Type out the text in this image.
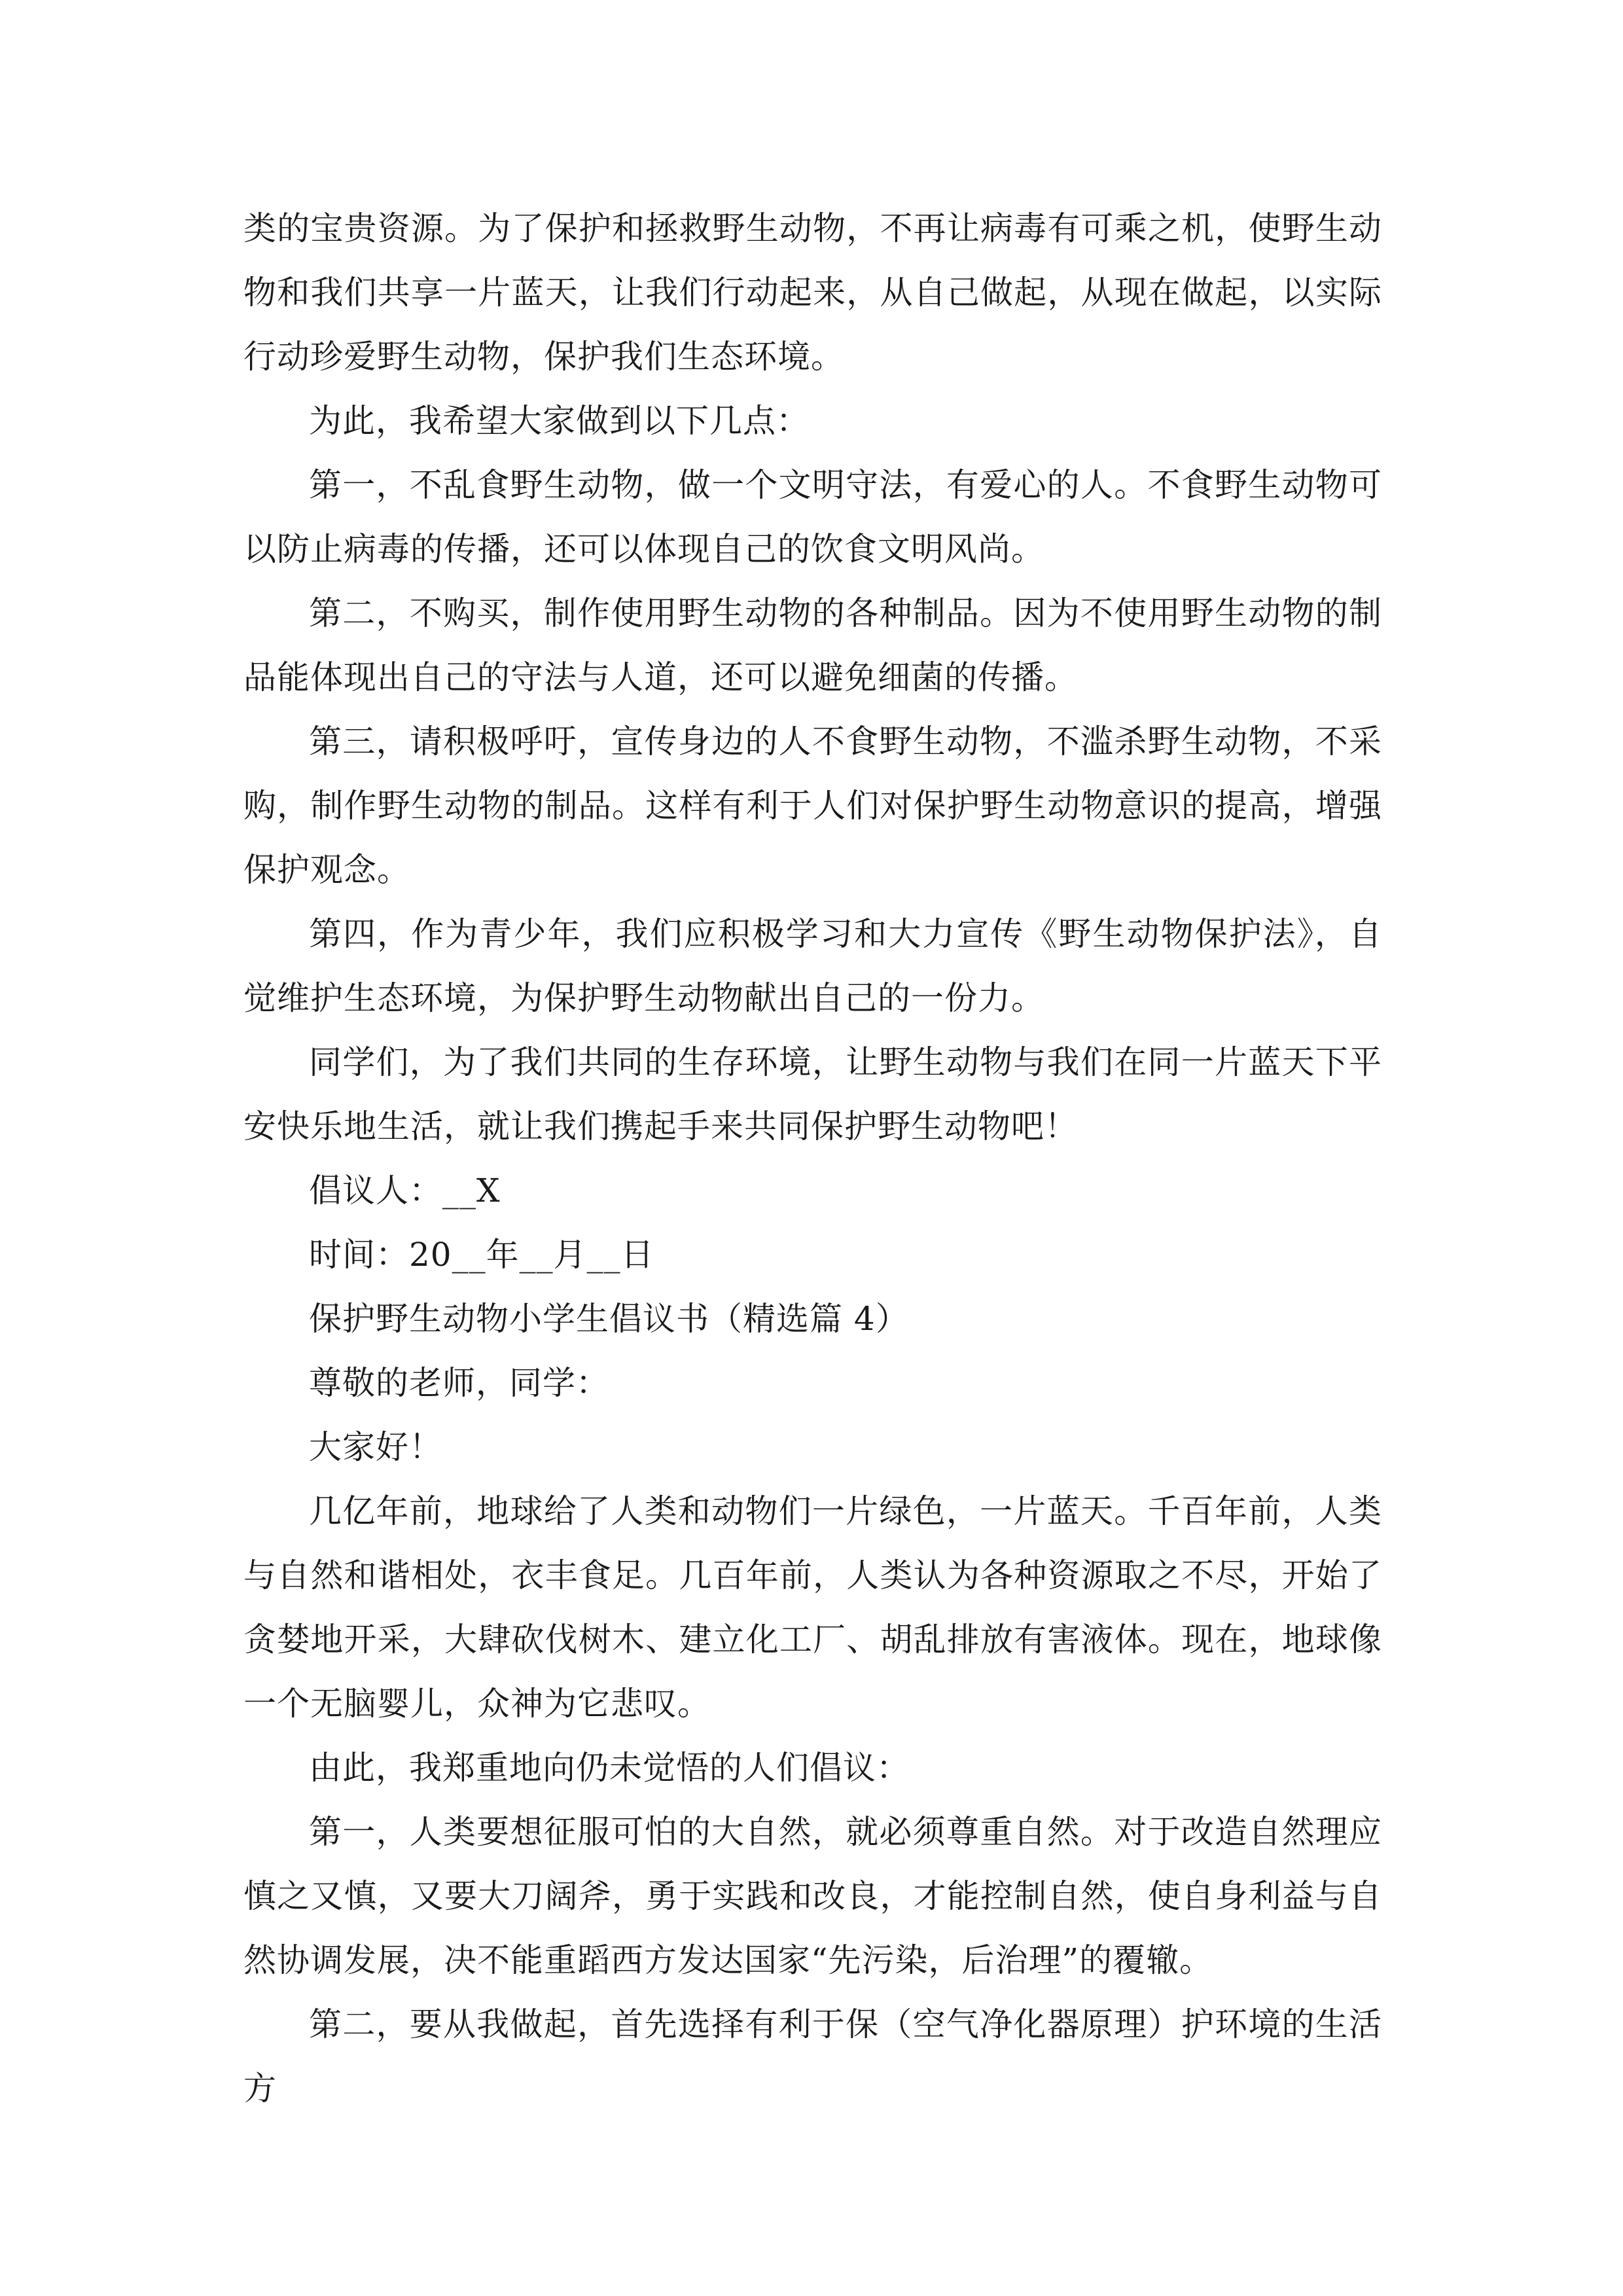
类的宝贵资源。为了保护和拯救野生动物，不再让病毒有可乘之机，使野生动物和我们共享一片蓝天，让我们行动起来，从自己做起，从现在做起，以实际行动珍爱野生动物，保护我们生态环境。

为此，我希望大家做到以下几点：

第一，不乱食野生动物，做一个文明守法，有爱心的人。不食野生动物可以防止病毒的传播，还可以体现自己的饮食文明风尚。

第二，不购买，制作使用野生动物的各种制品。因为不使用野生动物的制品能体现出自己的守法与人道，还可以避免细菌的传播。

第三，请积极呼吁，宣传身边的人不食野生动物，不滥杀野生动物，不采购，制作野生动物的制品。这样有利于人们对保护野生动物意识的提高，增强保护观念。

第四，作为青少年，我们应积极学习和大力宣传《野生动物保护法》，自觉维护生态环境，为保护野生动物献出自己的一份力。

同学们，为了我们共同的生存环境，让野生动物与我们在同一片蓝天下平安快乐地生活，就让我们携起手来共同保护野生动物吧！

倡议人：__X

时间：20__年__月__日

保护野生动物小学生倡议书（精选篇 4）

尊敬的老师，同学：

大家好！

几亿年前，地球给了人类和动物们一片绿色，一片蓝天。千百年前，人类与自然和谐相处，衣丰食足。几百年前，人类认为各种资源取之不尽，开始了贪婪地开采，大肆砍伐树木、建立化工厂、胡乱排放有害液体。现在，地球像一个无脑婴儿，众神为它悲叹。

由此，我郑重地向仍未觉悟的人们倡议：

第一，人类要想征服可怕的大自然，就必须尊重自然。对于改造自然理应慎之又慎，又要大刀阔斧，勇于实践和改良，才能控制自然，使自身利益与自然协调发展，决不能重蹈西方发达国家“先污染，后治理”的覆辙。

第二，要从我做起，首先选择有利于保（空气净化器原理）护环境的生活方
